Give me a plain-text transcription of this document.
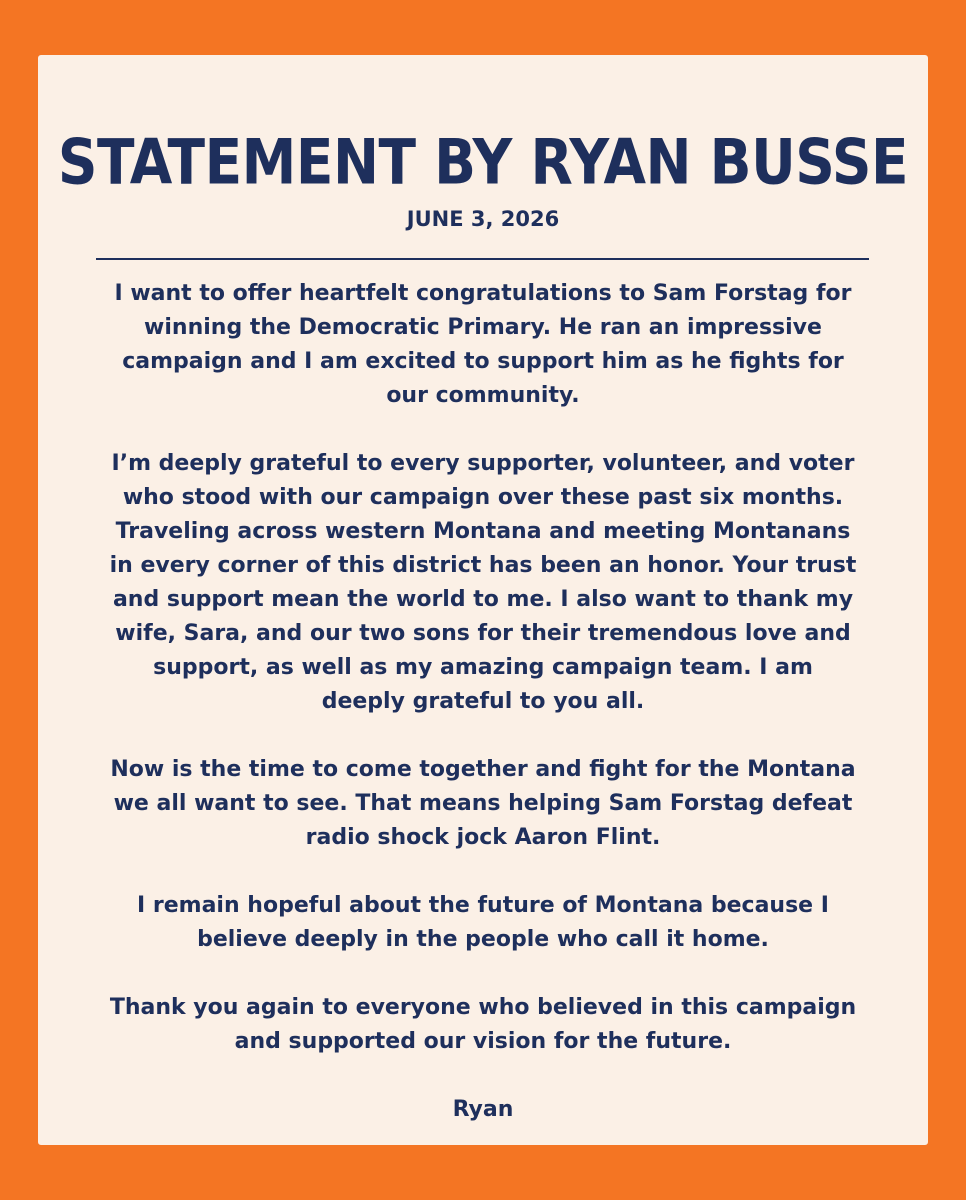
STATEMENT BY RYAN BUSSE
JUNE 3, 2026

I want to offer heartfelt congratulations to Sam Forstag for
winning the Democratic Primary. He ran an impressive
campaign and I am excited to support him as he fights for
our community.

I’m deeply grateful to every supporter, volunteer, and voter
who stood with our campaign over these past six months.
Traveling across western Montana and meeting Montanans
in every corner of this district has been an honor. Your trust
and support mean the world to me. I also want to thank my
wife, Sara, and our two sons for their tremendous love and
support, as well as my amazing campaign team. I am
deeply grateful to you all.

Now is the time to come together and fight for the Montana
we all want to see. That means helping Sam Forstag defeat
radio shock jock Aaron Flint.

I remain hopeful about the future of Montana because I
believe deeply in the people who call it home.

Thank you again to everyone who believed in this campaign
and supported our vision for the future.

Ryan
